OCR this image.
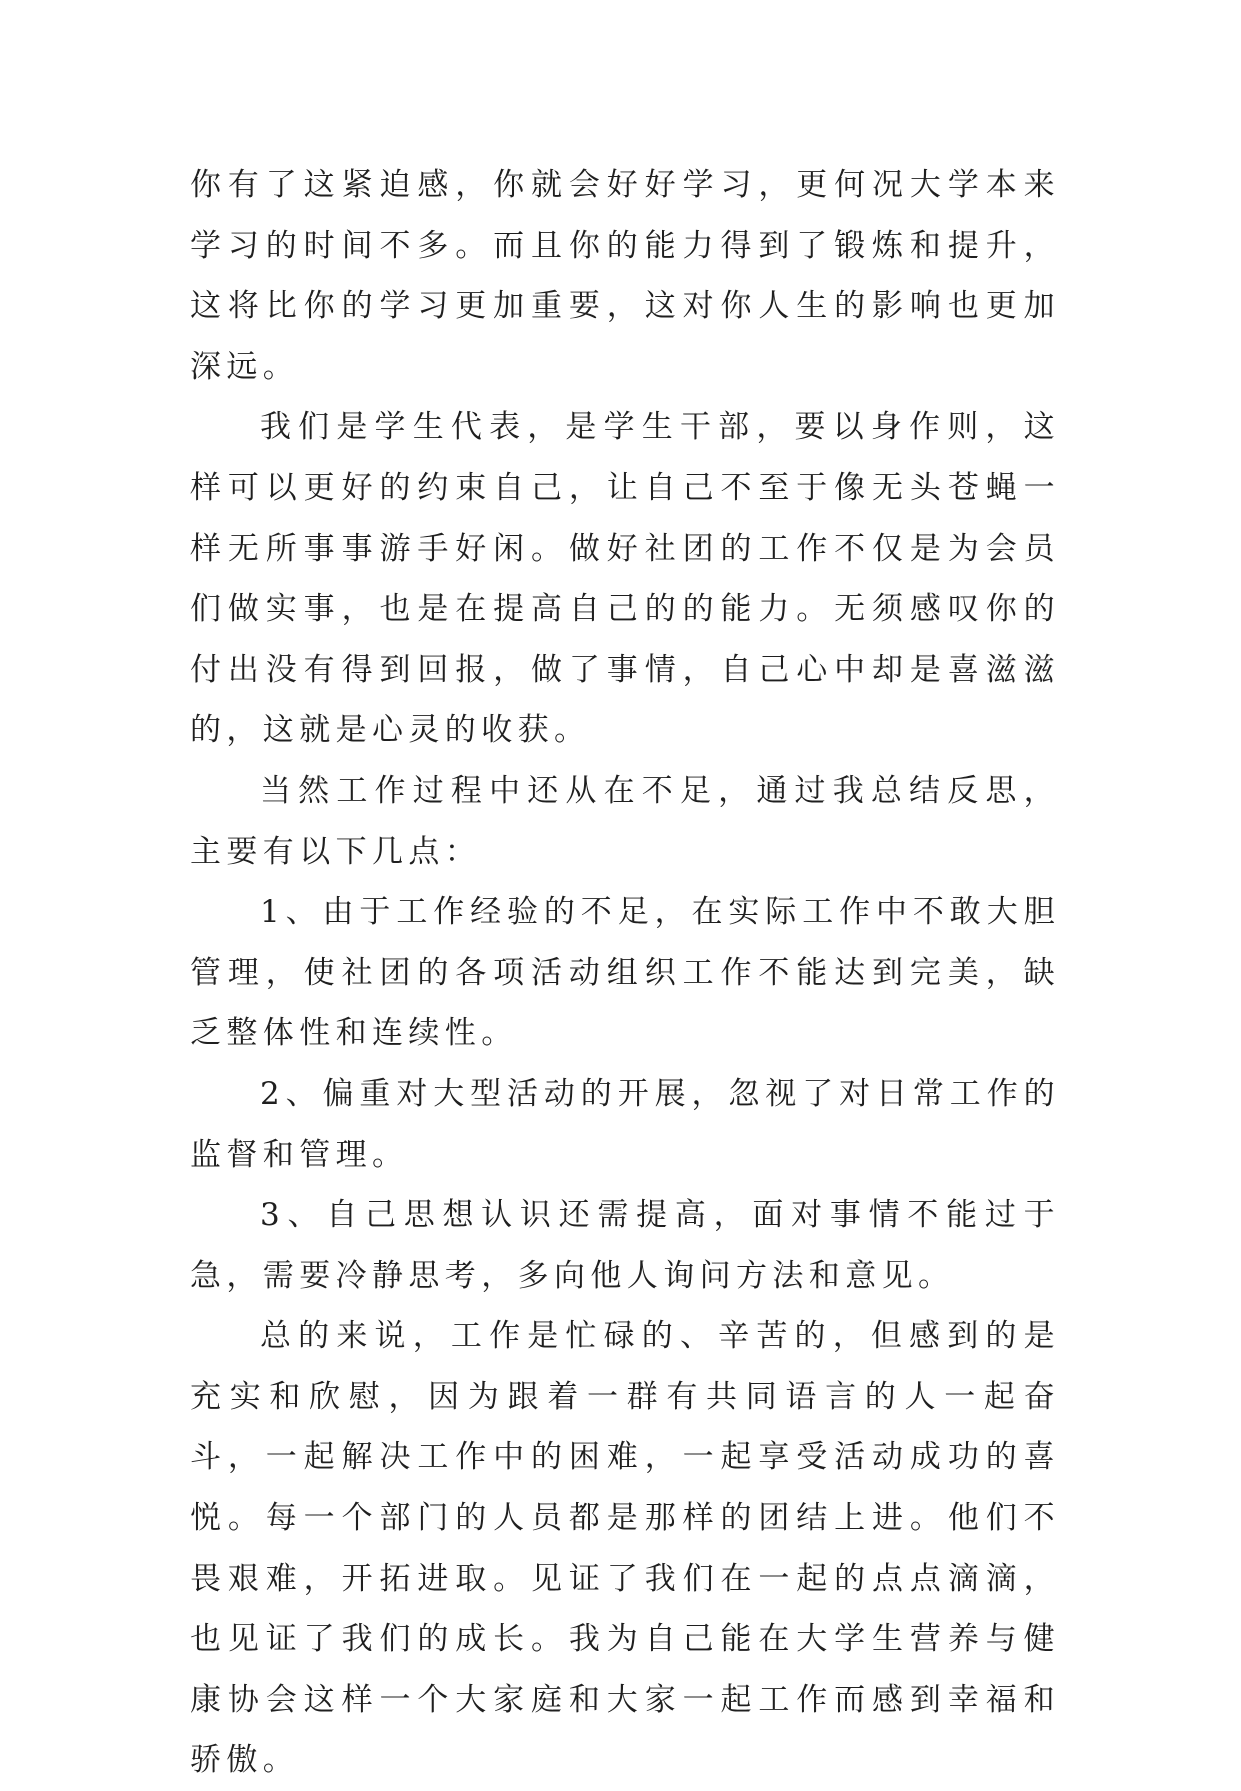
你有了这紧迫感，你就会好好学习，更何况大学本来学习的时间不多。而且你的能力得到了锻炼和提升，这将比你的学习更加重要，这对你人生的影响也更加深远。

我们是学生代表，是学生干部，要以身作则，这样可以更好的约束自己，让自己不至于像无头苍蝇一样无所事事游手好闲。做好社团的工作不仅是为会员们做实事，也是在提高自己的的能力。无须感叹你的付出没有得到回报，做了事情，自己心中却是喜滋滋的，这就是心灵的收获。

当然工作过程中还从在不足，通过我总结反思，主要有以下几点：

1、由于工作经验的不足，在实际工作中不敢大胆管理，使社团的各项活动组织工作不能达到完美，缺乏整体性和连续性。

2、偏重对大型活动的开展，忽视了对日常工作的监督和管理。

3、自己思想认识还需提高，面对事情不能过于急，需要冷静思考，多向他人询问方法和意见。

总的来说，工作是忙碌的、辛苦的，但感到的是充实和欣慰，因为跟着一群有共同语言的人一起奋斗，一起解决工作中的困难，一起享受活动成功的喜悦。每一个部门的人员都是那样的团结上进。他们不畏艰难，开拓进取。见证了我们在一起的点点滴滴，也见证了我们的成长。我为自己能在大学生营养与健康协会这样一个大家庭和大家一起工作而感到幸福和骄傲。
